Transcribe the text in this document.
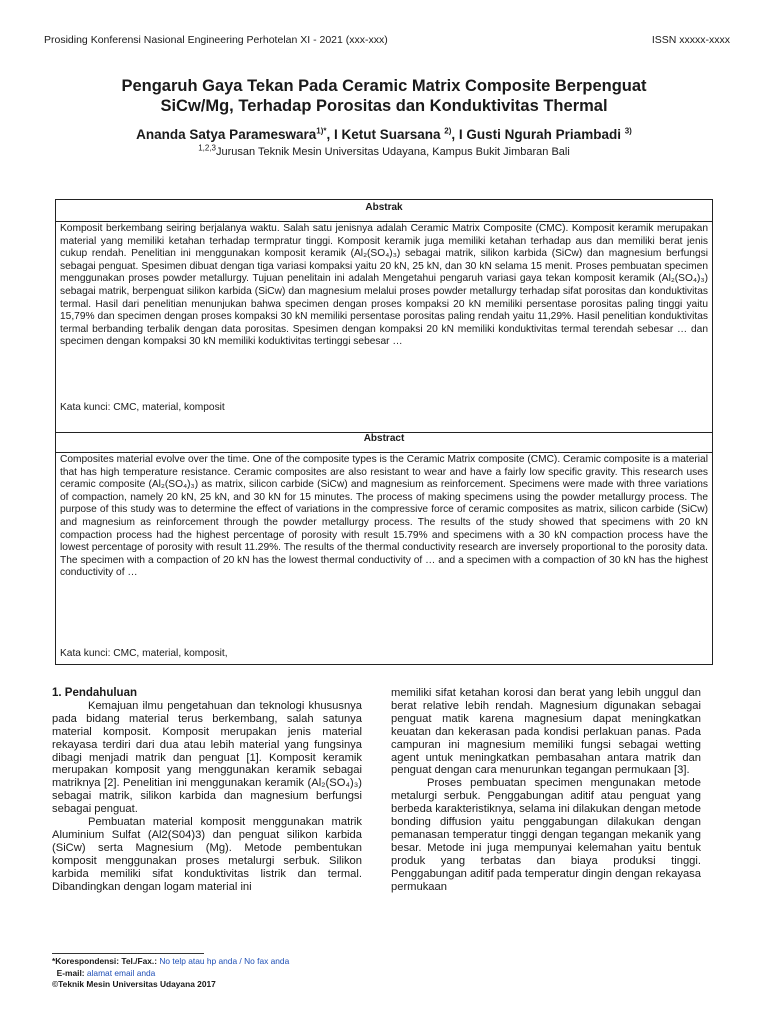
Prosiding Konferensi Nasional Engineering Perhotelan XI - 2021 (xxx-xxx)	ISSN xxxxx-xxxx
Pengaruh Gaya Tekan Pada Ceramic Matrix Composite Berpenguat
SiCw/Mg, Terhadap Porositas dan Konduktivitas Thermal
Ananda Satya Parameswara$^{1)*}$, I Ketut Suarsana $^{2)}$, I Gusti Ngurah Priambadi $^{3)}$
$^{1,2,3}$Jurusan Teknik Mesin Universitas Udayana, Kampus Bukit Jimbaran Bali
Abstrak

Komposit berkembang seiring berjalanya waktu. Salah satu jenisnya adalah Ceramic Matrix Composite (CMC). Komposit keramik merupakan material yang memiliki ketahan terhadap termpratur tinggi. Komposit keramik juga memiliki ketahan terhadap aus dan memiliki berat jenis cukup rendah. Penelitian ini menggunakan komposit keramik (Al₂(SO₄)₃) sebagai matrik, silikon karbida (SiCw) dan magnesium berfungsi sebagai penguat. Spesimen dibuat dengan tiga variasi kompaksi yaitu 20 kN, 25 kN, dan 30 kN selama 15 menit. Proses pembuatan specimen menggunakan proses powder metallurgy. Tujuan penelitain ini adalah Mengetahui pengaruh variasi gaya tekan komposit keramik (Al₂(SO₄)₃) sebagai matrik, berpenguat silikon karbida (SiCw) dan magnesium melalui proses powder metallurgy terhadap sifat porositas dan konduktivitas termal. Hasil dari penelitian menunjukan bahwa specimen dengan proses kompaksi 20 kN memiliki persentase porositas paling tinggi yaitu 15,79% dan specimen dengan proses kompaksi 30 kN memiliki persentase porositas paling rendah yaitu 11,29%. Hasil penelitian konduktivitas termal berbanding terbalik dengan data porositas. Spesimen dengan kompaksi 20 kN memiliki konduktivitas termal terendah sebesar … dan specimen dengan kompaksi 30 kN memiliki koduktivitas tertinggi sebesar …

Kata kunci: CMC, material, komposit
Abstract

Composites material evolve over the time. One of the composite types is the Ceramic Matrix composite (CMC). Ceramic composite is a material that has high temperature resistance. Ceramic composites are also resistant to wear and have a fairly low specific gravity. This research uses ceramic composite (Al₂(SO₄)₃) as matrix, silicon carbide (SiCw) and magnesium as reinforcement. Specimens were made with three variations of compaction, namely 20 kN, 25 kN, and 30 kN for 15 minutes. The process of making specimens using the powder metallurgy process. The purpose of this study was to determine the effect of variations in the compressive force of ceramic composites as matrix, silicon carbide (SiCw) and magnesium as reinforcement through the powder metallurgy process. The results of the study showed that specimens with 20 kN compaction process had the highest percentage of porosity with result 15.79% and specimens with a 30 kN compaction process have the lowest percentage of porosity with result 11.29%. The results of the thermal conductivity research are inversely proportional to the porosity data. The specimen with a compaction of 20 kN has the lowest thermal conductivity of … and a specimen with a compaction of 30 kN has the highest conductivity of …

Kata kunci: CMC, material, komposit,

1. Pendahuluan

Kemajuan ilmu pengetahuan dan teknologi khususnya pada bidang material terus berkembang, salah satunya material komposit. Komposit merupakan jenis material rekayasa terdiri dari dua atau lebih material yang fungsinya dibagi menjadi matrik dan penguat [1]. Komposit keramik merupakan komposit yang menggunakan keramik sebagai matriknya [2]. Penelitian ini menggunakan keramik (Al₂(SO₄)₃) sebagai matrik, silikon karbida dan magnesium berfungsi sebagai penguat.

Pembuatan material komposit menggunakan matrik Aluminium Sulfat (Al2(S04)3) dan penguat silikon karbida (SiCw) serta Magnesium (Mg). Metode pembentukan komposit menggunakan proses metalurgi serbuk. Silikon karbida memiliki sifat konduktivitas listrik dan termal. Dibandingkan dengan logam material ini

memiliki sifat ketahan korosi dan berat yang lebih unggul dan berat relative lebih rendah. Magnesium digunakan sebagai penguat matik karena magnesium dapat meningkatkan keuatan dan kekerasan pada kondisi perlakuan panas. Pada campuran ini magnesium memiliki fungsi sebagai wetting agent untuk meningkatkan pembasahan antara matrik dan penguat dengan cara menurunkan tegangan permukaan [3].

Proses pembuatan specimen mengunakan metode metalurgi serbuk. Penggabungan aditif atau penguat yang berbeda karakteristiknya, selama ini dilakukan dengan metode bonding diffusion yaitu penggabungan dilakukan dengan pemanasan temperatur tinggi dengan tegangan mekanik yang besar. Metode ini juga mempunyai kelemahan yaitu bentuk produk yang terbatas dan biaya produksi tinggi. Penggabungan aditif pada temperatur dingin dengan rekayasa permukaan

*Korespondensi: Tel./Fax.: No telp atau hp anda / No fax anda
E-mail: alamat email anda
©Teknik Mesin Universitas Udayana 2017
